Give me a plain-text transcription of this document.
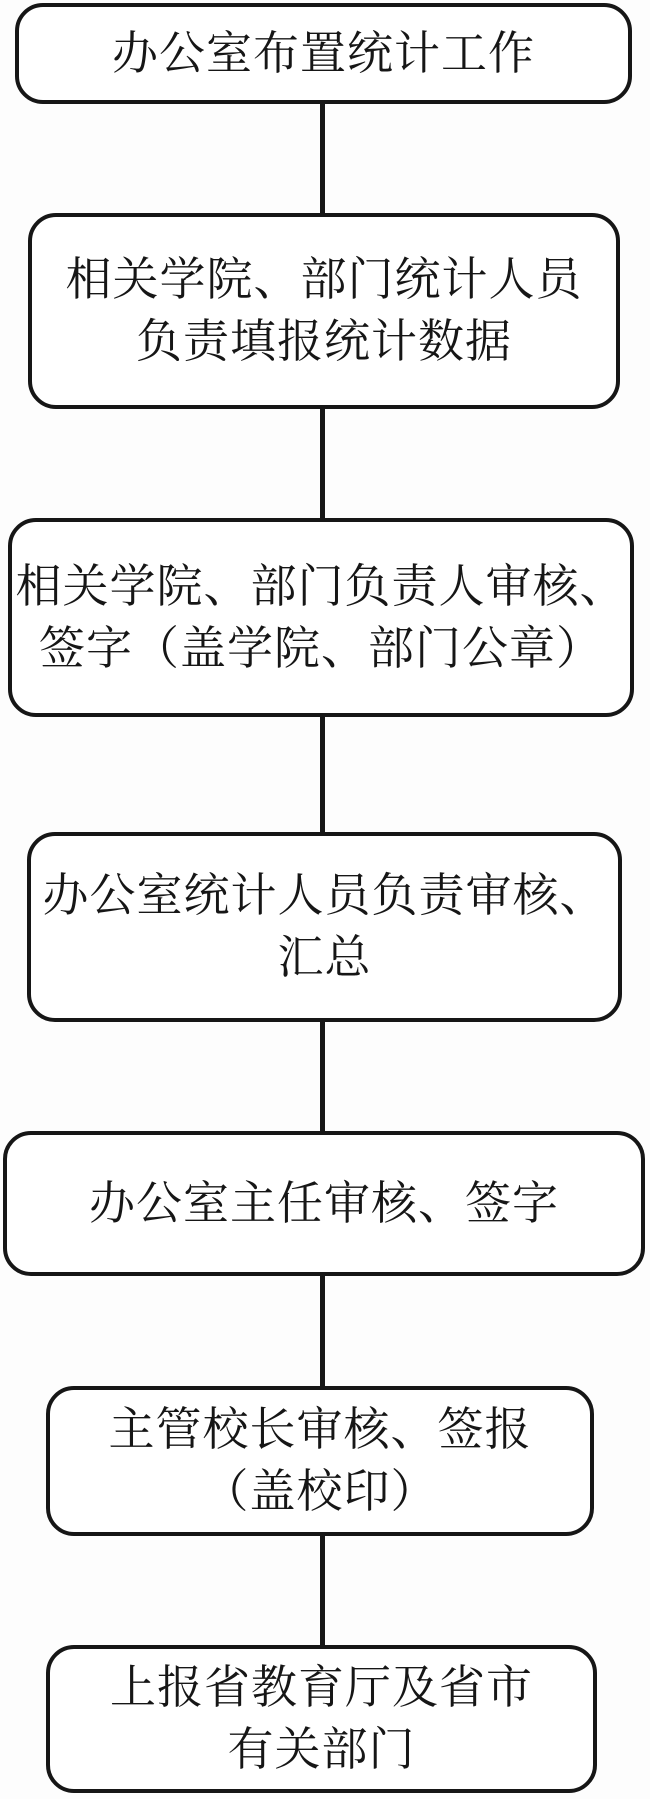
办公室布置统计工作
相关学院、部门统计人员
负责填报统计数据
相关学院、部门负责人审核、
签字（盖学院、部门公章）
办公室统计人员负责审核、
汇总
办公室主任审核、签字
主管校长审核、签报
（盖校印）
上报省教育厅及省市
有关部门
